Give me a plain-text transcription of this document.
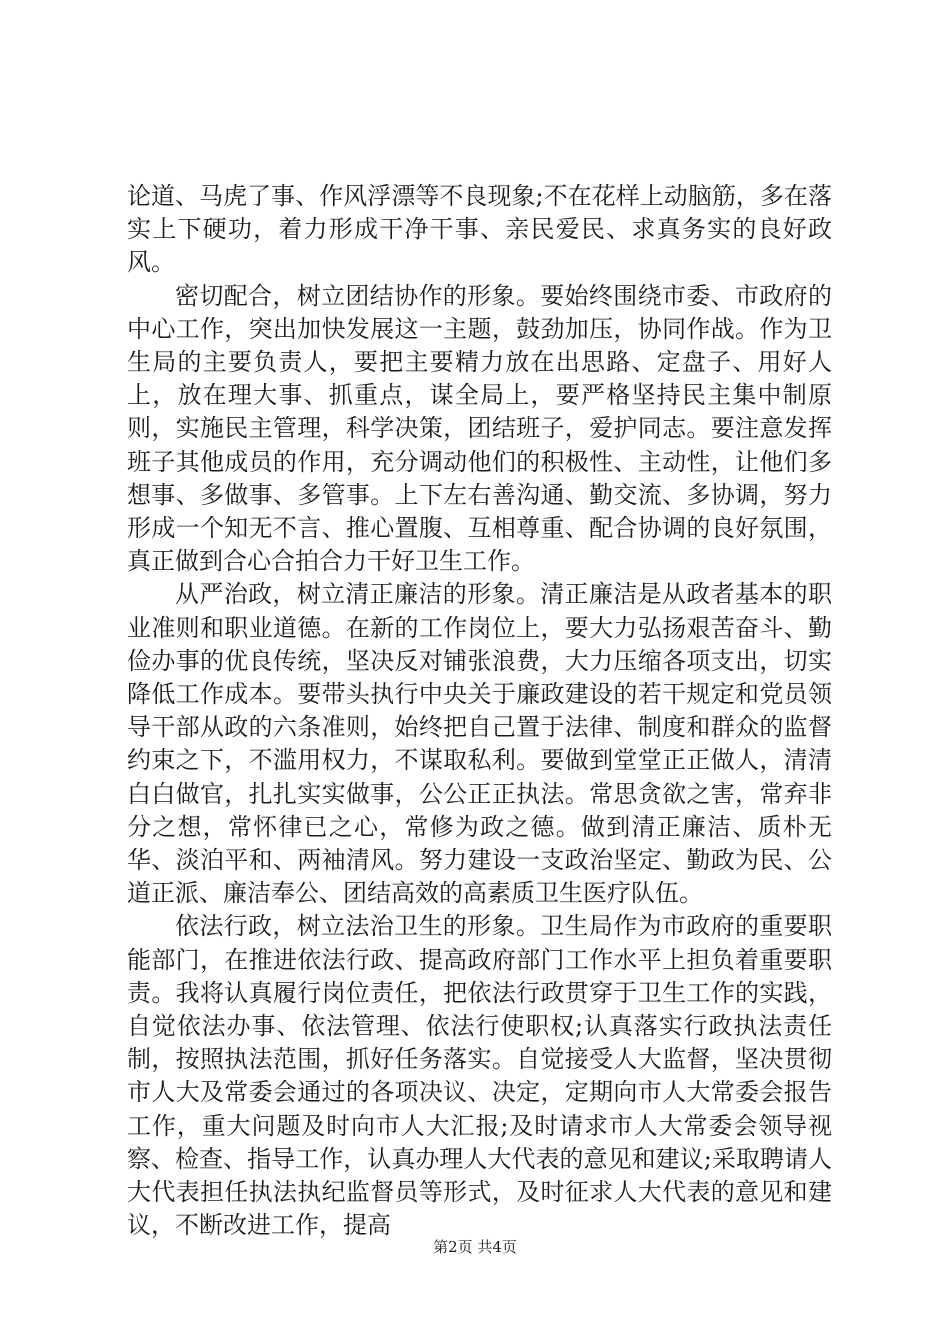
论道、马虎了事、作风浮漂等不良现象;不在花样上动脑筋，多在落实上下硬功，着力形成干净干事、亲民爱民、求真务实的良好政风。

密切配合，树立团结协作的形象。要始终围绕市委、市政府的中心工作，突出加快发展这一主题，鼓劲加压，协同作战。作为卫生局的主要负责人，要把主要精力放在出思路、定盘子、用好人上，放在理大事、抓重点，谋全局上，要严格坚持民主集中制原则，实施民主管理，科学决策，团结班子，爱护同志。要注意发挥班子其他成员的作用，充分调动他们的积极性、主动性，让他们多想事、多做事、多管事。上下左右善沟通、勤交流、多协调，努力形成一个知无不言、推心置腹、互相尊重、配合协调的良好氛围，真正做到合心合拍合力干好卫生工作。

从严治政，树立清正廉洁的形象。清正廉洁是从政者基本的职业准则和职业道德。在新的工作岗位上，要大力弘扬艰苦奋斗、勤俭办事的优良传统，坚决反对铺张浪费，大力压缩各项支出，切实降低工作成本。要带头执行中央关于廉政建设的若干规定和党员领导干部从政的六条准则，始终把自己置于法律、制度和群众的监督约束之下，不滥用权力，不谋取私利。要做到堂堂正正做人，清清白白做官，扎扎实实做事，公公正正执法。常思贪欲之害，常弃非分之想，常怀律已之心，常修为政之德。做到清正廉洁、质朴无华、淡泊平和、两袖清风。努力建设一支政治坚定、勤政为民、公道正派、廉洁奉公、团结高效的高素质卫生医疗队伍。

依法行政，树立法治卫生的形象。卫生局作为市政府的重要职能部门，在推进依法行政、提高政府部门工作水平上担负着重要职责。我将认真履行岗位责任，把依法行政贯穿于卫生工作的实践，自觉依法办事、依法管理、依法行使职权;认真落实行政执法责任制，按照执法范围，抓好任务落实。自觉接受人大监督，坚决贯彻市人大及常委会通过的各项决议、决定，定期向市人大常委会报告工作，重大问题及时向市人大汇报;及时请求市人大常委会领导视察、检查、指导工作，认真办理人大代表的意见和建议;采取聘请人大代表担任执法执纪监督员等形式，及时征求人大代表的意见和建议，不断改进工作，提高

第2页 共4页
